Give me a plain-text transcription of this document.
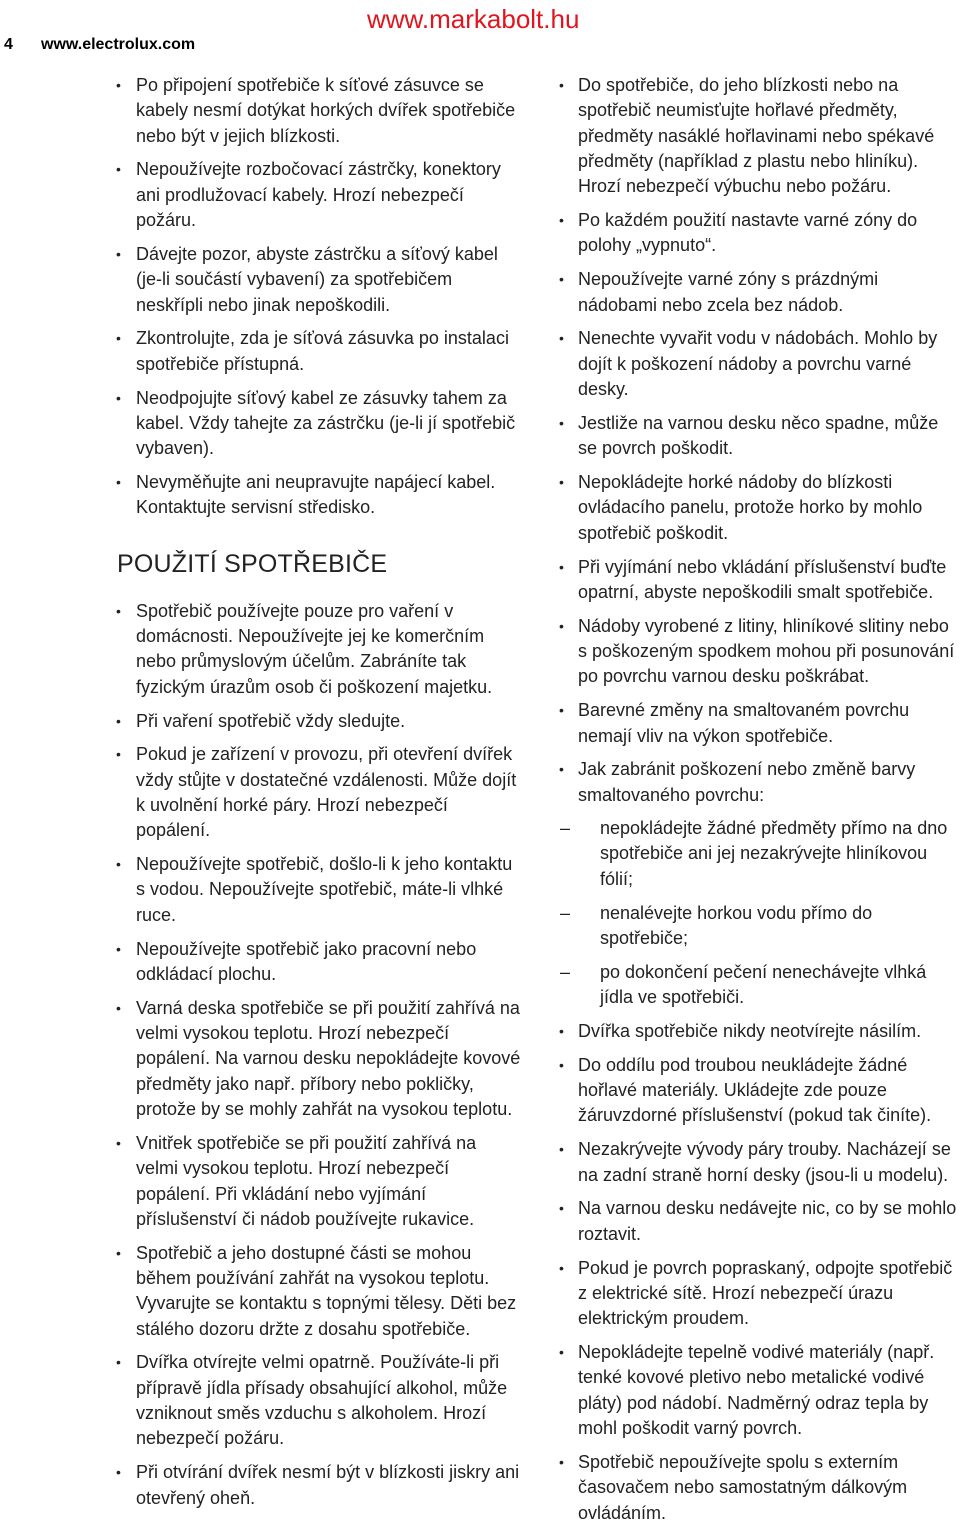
4 www.electrolux.com
www.markabolt.hu
• Po připojení spotřebiče k síťové zásuvce se kabely nesmí dotýkat horkých dvířek spotřebiče nebo být v jejich blízkosti.
• Nepoužívejte rozbočovací zástrčky, konektory ani prodlužovací kabely. Hrozí nebezpečí požáru.
• Dávejte pozor, abyste zástrčku a síťový kabel (je-li součástí vybavení) za spotřebičem neskřípli nebo jinak nepoškodili.
• Zkontrolujte, zda je síťová zásuvka po instalaci spotřebiče přístupná.
• Neodpojujte síťový kabel ze zásuvky tahem za kabel. Vždy tahejte za zástrčku (je-li jí spotřebič vybaven).
• Nevyměňujte ani neupravujte napájecí kabel. Kontaktujte servisní středisko.
POUŽITÍ SPOTŘEBIČE
• Spotřebič používejte pouze pro vaření v domácnosti. Nepoužívejte jej ke komerčním nebo průmyslovým účelům. Zabráníte tak fyzickým úrazům osob či poškození majetku.
• Při vaření spotřebič vždy sledujte.
• Pokud je zařízení v provozu, při otevření dvířek vždy stůjte v dostatečné vzdálenosti. Může dojít k uvolnění horké páry. Hrozí nebezpečí popálení.
• Nepoužívejte spotřebič, došlo-li k jeho kontaktu s vodou. Nepoužívejte spotřebič, máte-li vlhké ruce.
• Nepoužívejte spotřebič jako pracovní nebo odkládací plochu.
• Varná deska spotřebiče se při použití zahřívá na velmi vysokou teplotu. Hrozí nebezpečí popálení. Na varnou desku nepokládejte kovové předměty jako např. příbory nebo pokličky, protože by se mohly zahřát na vysokou teplotu.
• Vnitřek spotřebiče se při použití zahřívá na velmi vysokou teplotu. Hrozí nebezpečí popálení. Při vkládání nebo vyjímání příslušenství či nádob používejte rukavice.
• Spotřebič a jeho dostupné části se mohou během používání zahřát na vysokou teplotu. Vyvarujte se kontaktu s topnými tělesy. Děti bez stálého dozoru držte z dosahu spotřebiče.
• Dvířka otvírejte velmi opatrně. Používáte-li při přípravě jídla přísady obsahující alkohol, může vzniknout směs vzduchu s alkoholem. Hrozí nebezpečí požáru.
• Při otvírání dvířek nesmí být v blízkosti jiskry ani otevřený oheň.
• Do spotřebiče, do jeho blízkosti nebo na spotřebič neumisťujte hořlavé předměty, předměty nasáklé hořlavinami nebo spékavé předměty (například z plastu nebo hliníku). Hrozí nebezpečí výbuchu nebo požáru.
• Po každém použití nastavte varné zóny do polohy „vypnuto“.
• Nepoužívejte varné zóny s prázdnými nádobami nebo zcela bez nádob.
• Nenechte vyvařit vodu v nádobách. Mohlo by dojít k poškození nádoby a povrchu varné desky.
• Jestliže na varnou desku něco spadne, může se povrch poškodit.
• Nepokládejte horké nádoby do blízkosti ovládacího panelu, protože horko by mohlo spotřebič poškodit.
• Při vyjímání nebo vkládání příslušenství buďte opatrní, abyste nepoškodili smalt spotřebiče.
• Nádoby vyrobené z litiny, hliníkové slitiny nebo s poškozeným spodkem mohou při posunování po povrchu varnou desku poškrábat.
• Barevné změny na smaltovaném povrchu nemají vliv na výkon spotřebiče.
• Jak zabránit poškození nebo změně barvy smaltovaného povrchu:
– nepokládejte žádné předměty přímo na dno spotřebiče ani jej nezakrývejte hliníkovou fólií;
– nenalévejte horkou vodu přímo do spotřebiče;
– po dokončení pečení nenechávejte vlhká jídla ve spotřebiči.
• Dvířka spotřebiče nikdy neotvírejte násilím.
• Do oddílu pod troubou neukládejte žádné hořlavé materiály. Ukládejte zde pouze žáruvzdorné příslušenství (pokud tak činíte).
• Nezakrývejte vývody páry trouby. Nacházejí se na zadní straně horní desky (jsou-li u modelu).
• Na varnou desku nedávejte nic, co by se mohlo roztavit.
• Pokud je povrch popraskaný, odpojte spotřebič z elektrické sítě. Hrozí nebezpečí úrazu elektrickým proudem.
• Nepokládejte tepelně vodivé materiály (např. tenké kovové pletivo nebo metalické vodivé pláty) pod nádobí. Nadměrný odraz tepla by mohl poškodit varný povrch.
• Spotřebič nepoužívejte spolu s externím časovačem nebo samostatným dálkovým ovládáním.
